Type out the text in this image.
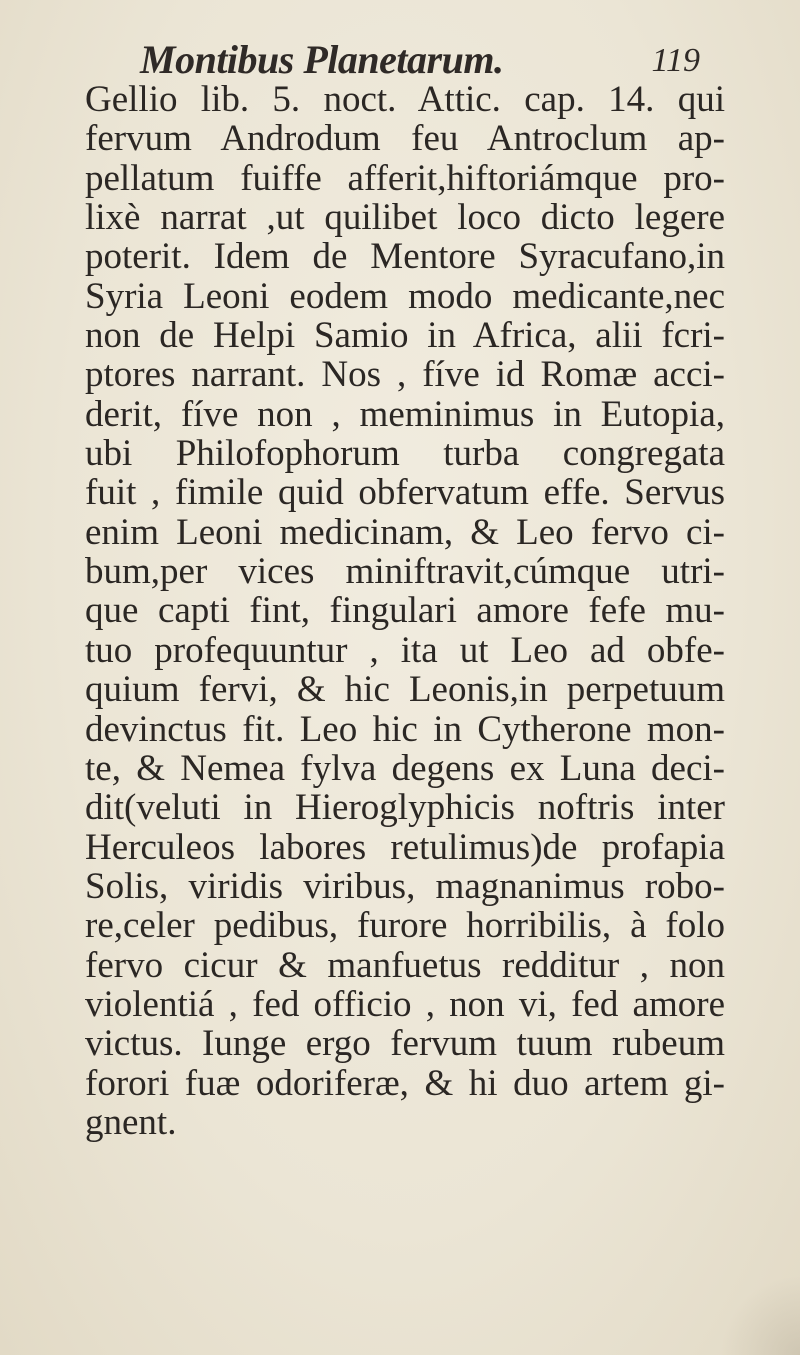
Montibus Planetarum.	119
Gellio lib. 5. noct. Attic. cap. 14. qui
fervum Androdum feu Antroclum ap-
pellatum fuiffe afferit,hiftoriámque pro-
lixè narrat ,ut quilibet loco dicto legere
poterit. Idem de Mentore Syracufano,in
Syria Leoni eodem modo medicante,nec
non de Helpi Samio in Africa, alii fcri-
ptores narrant. Nos , fíve id Romæ acci-
derit, fíve non , meminimus in Eutopia,
ubi Philofophorum turba congregata
fuit , fimile quid obfervatum effe. Servus
enim Leoni medicinam, & Leo fervo ci-
bum,per vices miniftravit,cúmque utri-
que capti fint, fingulari amore fefe mu-
tuo profequuntur , ita ut Leo ad obfe-
quium fervi, & hic Leonis,in perpetuum
devinctus fit. Leo hic in Cytherone mon-
te, & Nemea fylva degens ex Luna deci-
dit(veluti in Hieroglyphicis noftris inter
Herculeos labores retulimus)de profapia
Solis, viridis viribus, magnanimus robo-
re,celer pedibus, furore horribilis, à folo
fervo cicur & manfuetus redditur , non
violentiá , fed officio , non vi, fed amore
victus. Iunge ergo fervum tuum rubeum
forori fuæ odoriferæ, & hi duo artem gi-
gnent.
